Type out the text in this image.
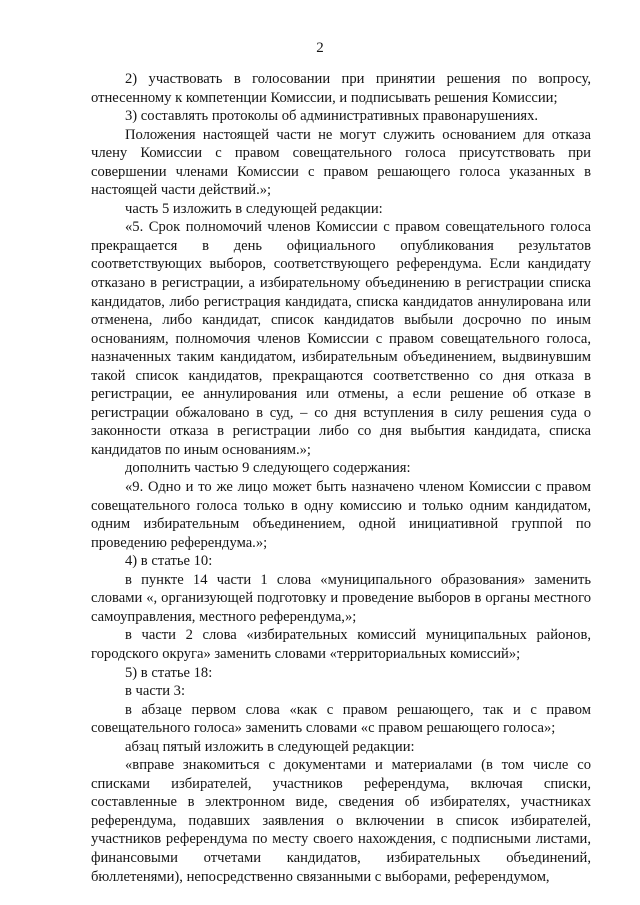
2

2) участвовать в голосовании при принятии решения по вопросу, отнесенному к компетенции Комиссии, и подписывать решения Комиссии;

3) составлять протоколы об административных правонарушениях.

Положения настоящей части не могут служить основанием для отказа члену Комиссии с правом совещательного голоса присутствовать при совершении членами Комиссии с правом решающего голоса указанных в настоящей части действий.»;

часть 5 изложить в следующей редакции:

«5. Срок полномочий членов Комиссии с правом совещательного голоса прекращается в день официального опубликования результатов соответствующих выборов, соответствующего референдума. Если кандидату отказано в регистрации, а избирательному объединению в регистрации списка кандидатов, либо регистрация кандидата, списка кандидатов аннулирована или отменена, либо кандидат, список кандидатов выбыли досрочно по иным основаниям, полномочия членов Комиссии с правом совещательного голоса, назначенных таким кандидатом, избирательным объединением, выдвинувшим такой список кандидатов, прекращаются соответственно со дня отказа в регистрации, ее аннулирования или отмены, а если решение об отказе в регистрации обжаловано в суд, – со дня вступления в силу решения суда о законности отказа в регистрации либо со дня выбытия кандидата, списка кандидатов по иным основаниям.»;

дополнить частью 9 следующего содержания:

«9. Одно и то же лицо может быть назначено членом Комиссии с правом совещательного голоса только в одну комиссию и только одним кандидатом, одним избирательным объединением, одной инициативной группой по проведению референдума.»;

4) в статье 10:

в пункте 14 части 1 слова «муниципального образования» заменить словами «, организующей подготовку и проведение выборов в органы местного самоуправления, местного референдума,»;

в части 2 слова «избирательных комиссий муниципальных районов, городского округа» заменить словами «территориальных комиссий»;

5) в статье 18:

в части 3:

в абзаце первом слова «как с правом решающего, так и с правом совещательного голоса» заменить словами «с правом решающего голоса»;

абзац пятый изложить в следующей редакции:

«вправе знакомиться с документами и материалами (в том числе со списками избирателей, участников референдума, включая списки, составленные в электронном виде, сведения об избирателях, участниках референдума, подавших заявления о включении в список избирателей, участников референдума по месту своего нахождения, с подписными листами, финансовыми отчетами кандидатов, избирательных объединений, бюллетенями), непосредственно связанными с выборами, референдумом,
